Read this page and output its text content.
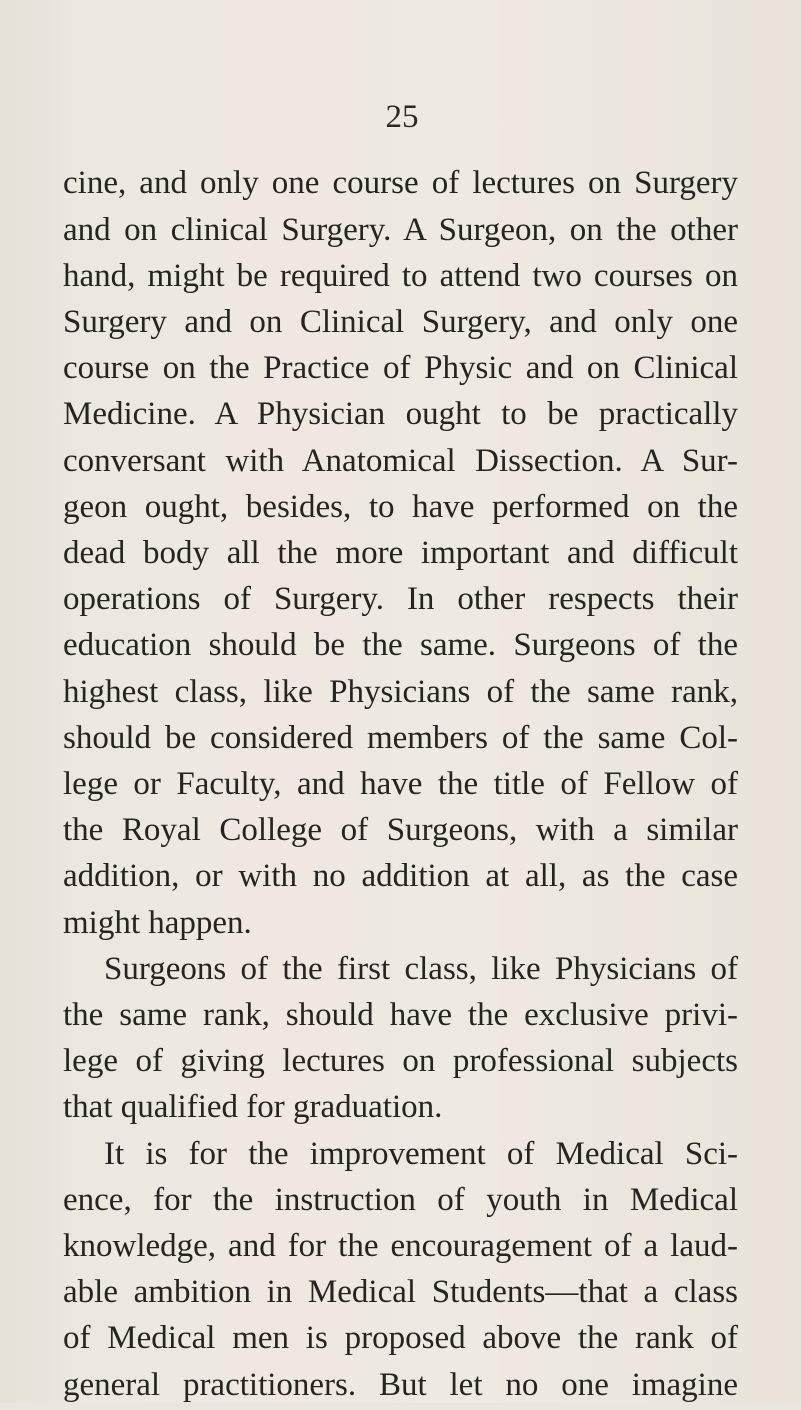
25
cine, and only one course of lectures on Surgery
and on clinical Surgery. A Surgeon, on the other
hand, might be required to attend two courses on
Surgery and on Clinical Surgery, and only one
course on the Practice of Physic and on Clinical
Medicine. A Physician ought to be practically
conversant with Anatomical Dissection. A Sur-
geon ought, besides, to have performed on the
dead body all the more important and difficult
operations of Surgery. In other respects their
education should be the same. Surgeons of the
highest class, like Physicians of the same rank,
should be considered members of the same Col-
lege or Faculty, and have the title of Fellow of
the Royal College of Surgeons, with a similar
addition, or with no addition at all, as the case
might happen.
Surgeons of the first class, like Physicians of
the same rank, should have the exclusive privi-
lege of giving lectures on professional subjects
that qualified for graduation.
It is for the improvement of Medical Sci-
ence, for the instruction of youth in Medical
knowledge, and for the encouragement of a laud-
able ambition in Medical Students—that a class
of Medical men is proposed above the rank of
general practitioners. But let no one imagine
